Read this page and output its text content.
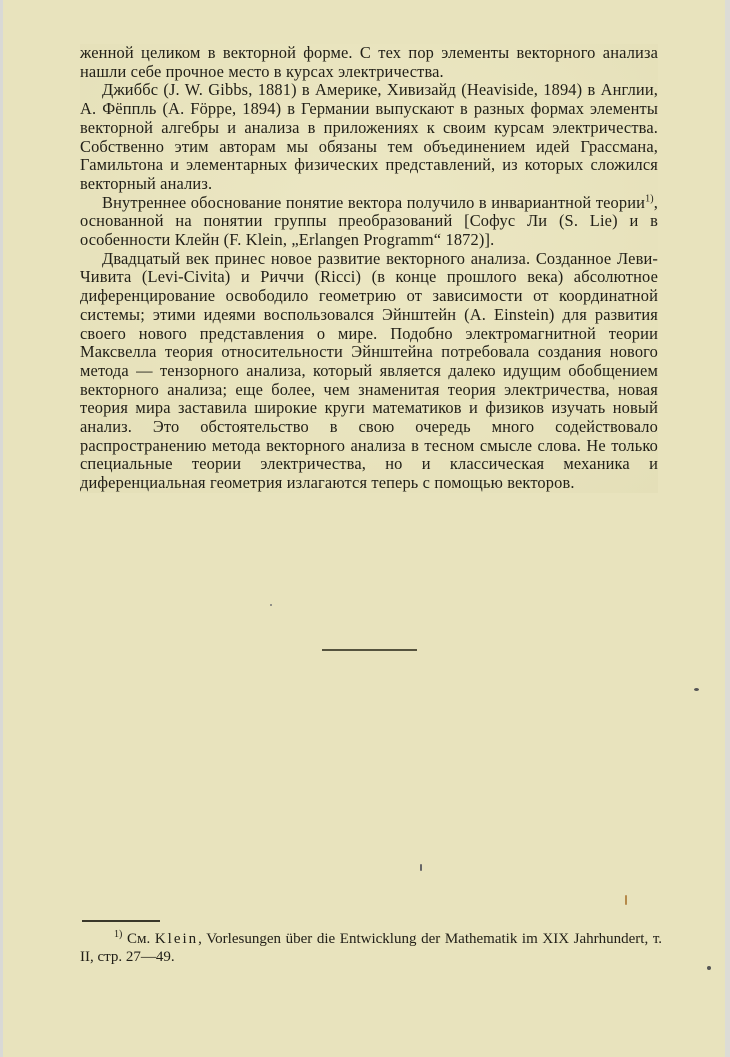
женной целиком в векторной форме. С тех пор элементы векторного анализа нашли себе прочное место в курсах электричества.

Джиббс (J. W. Gibbs, 1881) в Америке, Хивизайд (Heaviside, 1894) в Англии, А. Фёппль (A. Föppe, 1894) в Германии выпускают в разных формах элементы векторной алгебры и анализа в приложениях к своим курсам электричества. Собственно этим авторам мы обязаны тем объединением идей Грассмана, Гамильтона и элементарных физических представлений, из которых сложился векторный анализ.

Внутреннее обоснование понятие вектора получило в инвариантной теории$^{1)}$, основанной на понятии группы преобразований [Софус Ли (S. Lie) и в особенности Клейн (F. Klein, „Erlangen Programm“ 1872)].

Двадцатый век принес новое развитие векторного анализа. Созданное Леви-Чивита (Levi-Civita) и Риччи (Ricci) (в конце прошлого века) абсолютное диференцирование освободило геометрию от зависимости от координатной системы; этими идеями воспользовался Эйнштейн (A. Einstein) для развития своего нового представления о мире. Подобно электромагнитной теории Максвелла теория относительности Эйнштейна потребовала создания нового метода — тензорного анализа, который является далеко идущим обобщением векторного анализа; еще более, чем знаменитая теория электричества, новая теория мира заставила широкие круги математиков и физиков изучать новый анализ. Это обстоятельство в свою очередь много содействовало распространению метода векторного анализа в тесном смысле слова. Не только специальные теории электричества, но и классическая механика и диференциальная геометрия излагаются теперь с помощью векторов.

$^{1)}$ См. Klein, Vorlesungen über die Entwicklung der Mathematik im XIX Jahrhundert, т. II, стр. 27—49.
